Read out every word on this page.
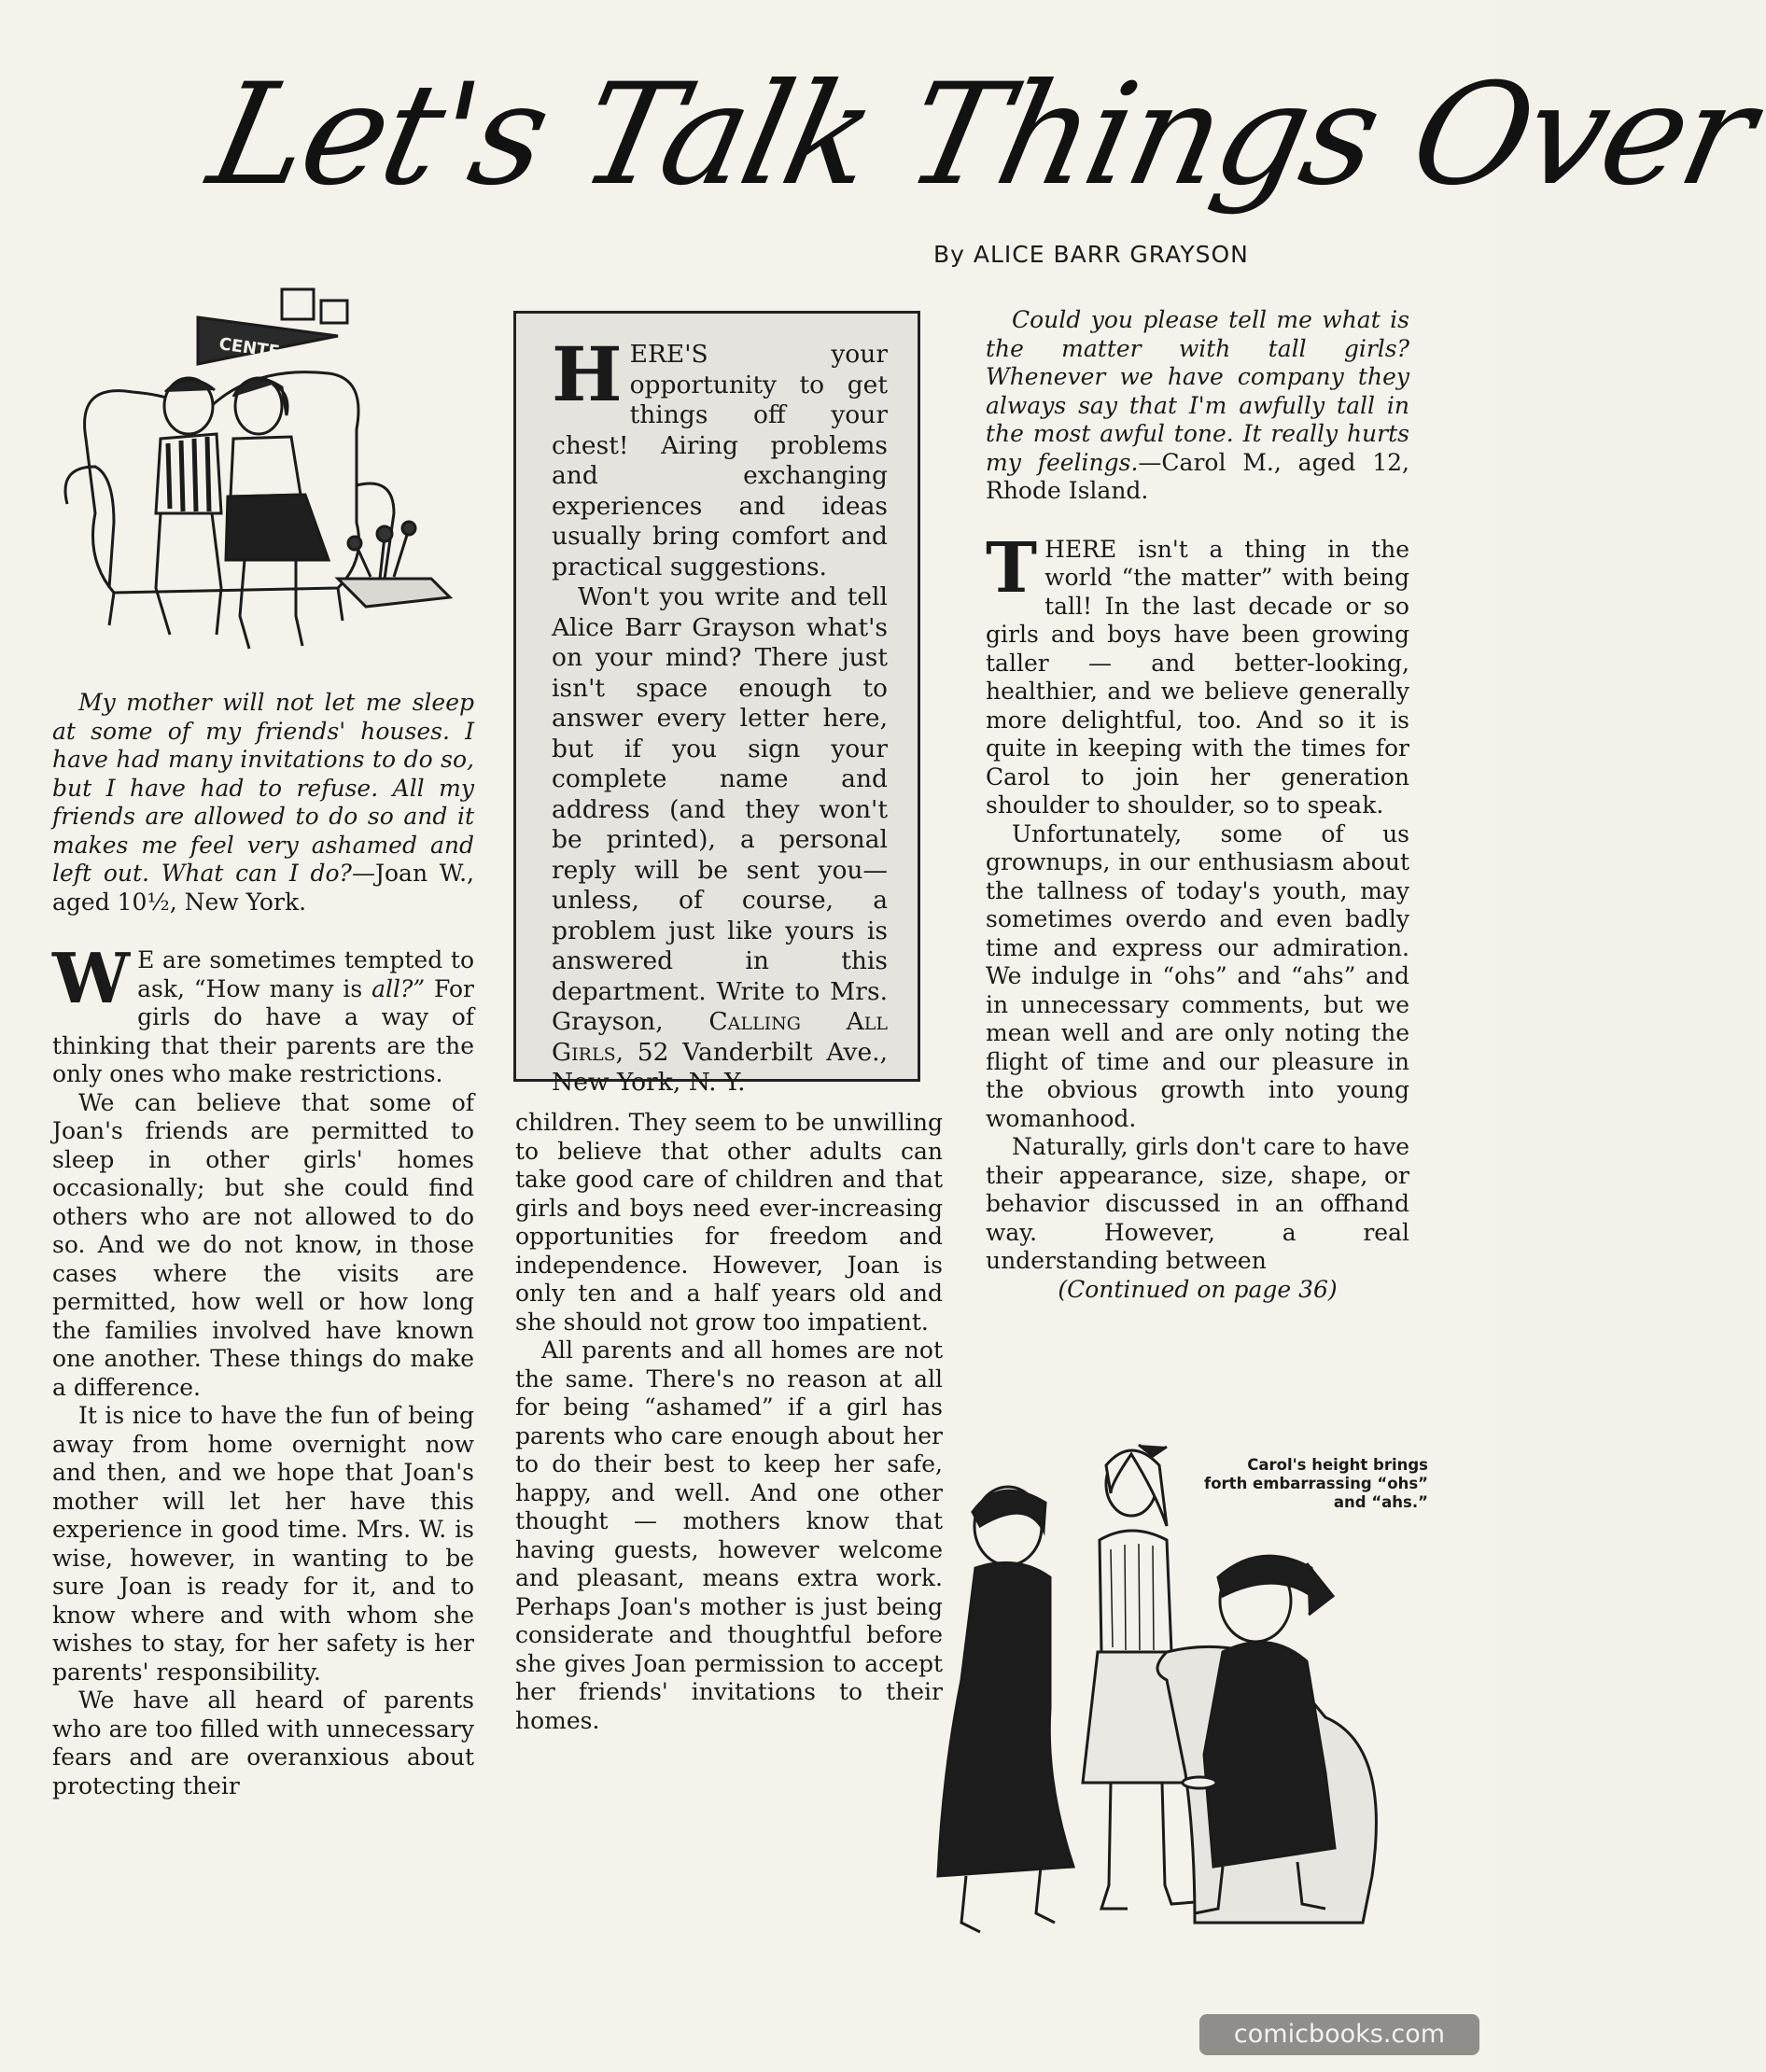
Let's Talk Things Over
By ALICE BARR GRAYSON
CENTE

My mother will not let me sleep at some of my friends' houses. I have had many invitations to do so, but I have had to refuse. All my friends are allowed to do so and it makes me feel very ashamed and left out. What can I do?—Joan W., aged 10½, New York.

W E are sometimes tempted to ask, “How many is all?” For girls do have a way of thinking that their parents are the only ones who make restrictions.

We can believe that some of Joan's friends are permitted to sleep in other girls' homes occasionally; but she could find others who are not allowed to do so. And we do not know, in those cases where the visits are permitted, how well or how long the families involved have known one another. These things do make a difference.

It is nice to have the fun of being away from home overnight now and then, and we hope that Joan's mother will let her have this experience in good time. Mrs. W. is wise, however, in wanting to be sure Joan is ready for it, and to know where and with whom she wishes to stay, for her safety is her parents' responsibility.

We have all heard of parents who are too filled with unnecessary fears and are overanxious about protecting their

HERE'S your opportunity to get things off your chest! Airing problems and exchanging experiences and ideas usually bring comfort and practical suggestions.

Won't you write and tell Alice Barr Grayson what's on your mind? There just isn't space enough to answer every letter here, but if you sign your complete name and address (and they won't be printed), a personal reply will be sent you—unless, of course, a problem just like yours is answered in this department. Write to Mrs. Grayson, Calling All Girls, 52 Vanderbilt Ave., New York, N. Y.

children. They seem to be unwilling to believe that other adults can take good care of children and that girls and boys need ever-increasing opportunities for freedom and independence. However, Joan is only ten and a half years old and she should not grow too impatient.

All parents and all homes are not the same. There's no reason at all for being “ashamed” if a girl has parents who care enough about her to do their best to keep her safe, happy, and well. And one other thought — mothers know that having guests, however welcome and pleasant, means extra work. Perhaps Joan's mother is just being considerate and thoughtful before she gives Joan permission to accept her friends' invitations to their homes.

Could you please tell me what is the matter with tall girls? Whenever we have company they always say that I'm awfully tall in the most awful tone. It really hurts my feelings.—Carol M., aged 12, Rhode Island.

THERE isn't a thing in the world “the matter” with being tall! In the last decade or so girls and boys have been growing taller — and better-looking, healthier, and we believe generally more delightful, too. And so it is quite in keeping with the times for Carol to join her generation shoulder to shoulder, so to speak.

Unfortunately, some of us grownups, in our enthusiasm about the tallness of today's youth, may sometimes overdo and even badly time and express our admiration. We indulge in “ohs” and “ahs” and in unnecessary comments, but we mean well and are only noting the flight of time and our pleasure in the obvious growth into young womanhood.

Naturally, girls don't care to have their appearance, size, shape, or behavior discussed in an offhand way. However, a real understanding between

(Continued on page 36)
Carol's height brings forth embarrassing “ohs” and “ahs.”
comicbooks.com
